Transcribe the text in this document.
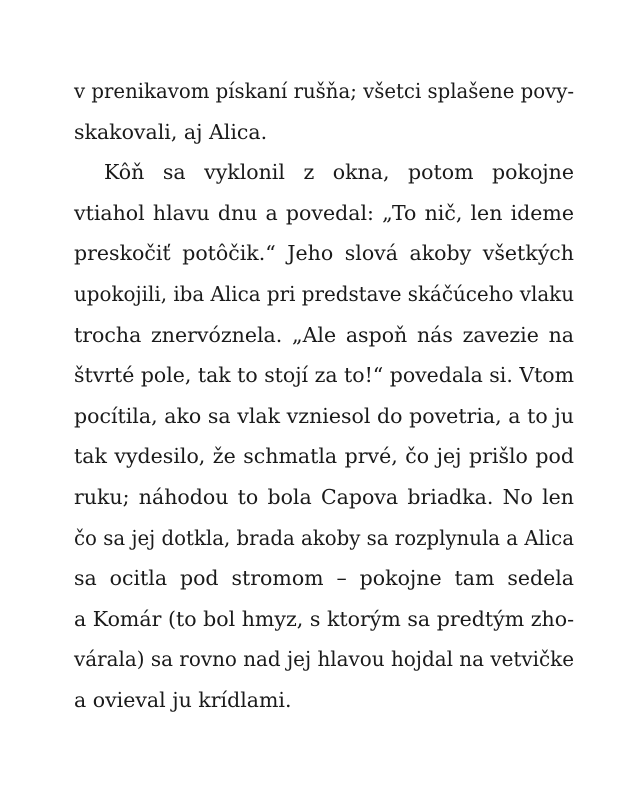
v prenikavom pískaní rušňa; všetci splašene povy-
skakovali, aj Alica.
Kôň sa vyklonil z okna, potom pokojne
vtiahol hlavu dnu a povedal: „To nič, len ideme
preskočiť potôčik.“ Jeho slová akoby všetkých
upokojili, iba Alica pri predstave skáčúceho vlaku
trocha znervóznela. „Ale aspoň nás zavezie na
štvrté pole, tak to stojí za to!“ povedala si. Vtom
pocítila, ako sa vlak vzniesol do povetria, a to ju
tak vydesilo, že schmatla prvé, čo jej prišlo pod
ruku; náhodou to bola Capova briadka. No len
čo sa jej dotkla, brada akoby sa rozplynula a Alica
sa ocitla pod stromom – pokojne tam sedela
a Komár (to bol hmyz, s ktorým sa predtým zho-
várala) sa rovno nad jej hlavou hojdal na vetvičke
a ovieval ju krídlami.
